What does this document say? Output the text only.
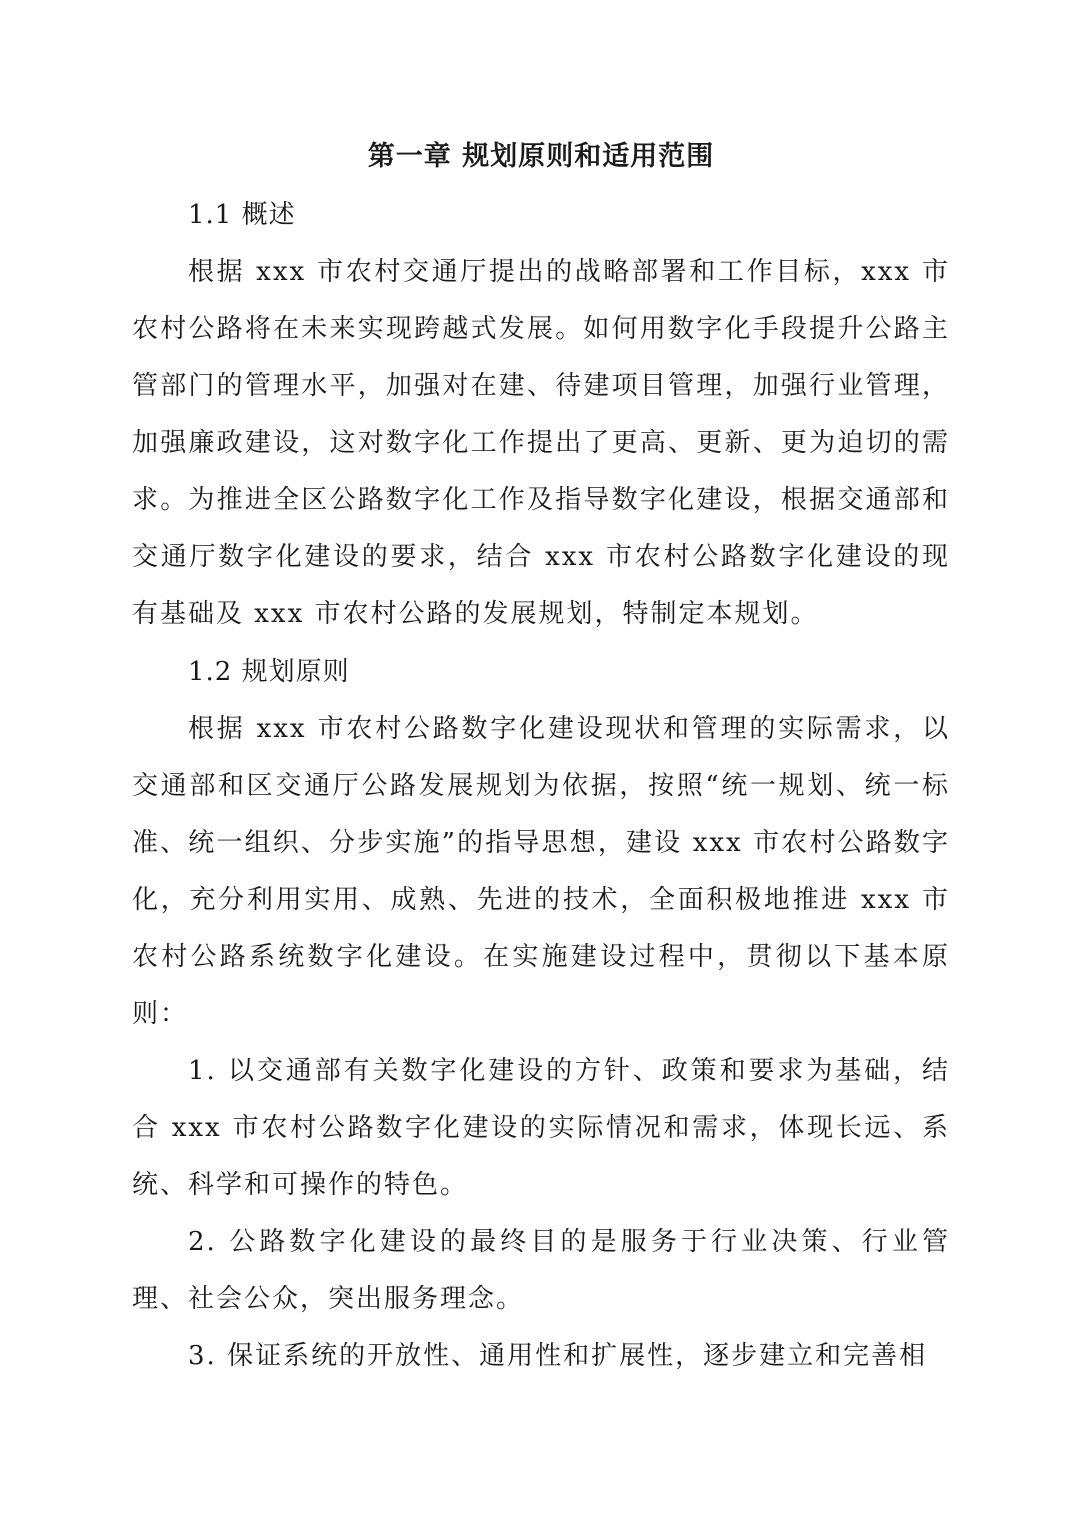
第一章 规划原则和适用范围

1.1 概述

根据 xxx 市农村交通厅提出的战略部署和工作目标，xxx 市农村公路将在未来实现跨越式发展。如何用数字化手段提升公路主管部门的管理水平，加强对在建、待建项目管理，加强行业管理，加强廉政建设，这对数字化工作提出了更高、更新、更为迫切的需求。为推进全区公路数字化工作及指导数字化建设，根据交通部和交通厅数字化建设的要求，结合 xxx 市农村公路数字化建设的现有基础及 xxx 市农村公路的发展规划，特制定本规划。

1.2 规划原则

根据 xxx 市农村公路数字化建设现状和管理的实际需求，以交通部和区交通厅公路发展规划为依据，按照“统一规划、统一标准、统一组织、分步实施”的指导思想，建设 xxx 市农村公路数字化，充分利用实用、成熟、先进的技术，全面积极地推进 xxx 市农村公路系统数字化建设。在实施建设过程中，贯彻以下基本原则：

1. 以交通部有关数字化建设的方针、政策和要求为基础，结合 xxx 市农村公路数字化建设的实际情况和需求，体现长远、系统、科学和可操作的特色。

2. 公路数字化建设的最终目的是服务于行业决策、行业管理、社会公众，突出服务理念。

3. 保证系统的开放性、通用性和扩展性，逐步建立和完善相
